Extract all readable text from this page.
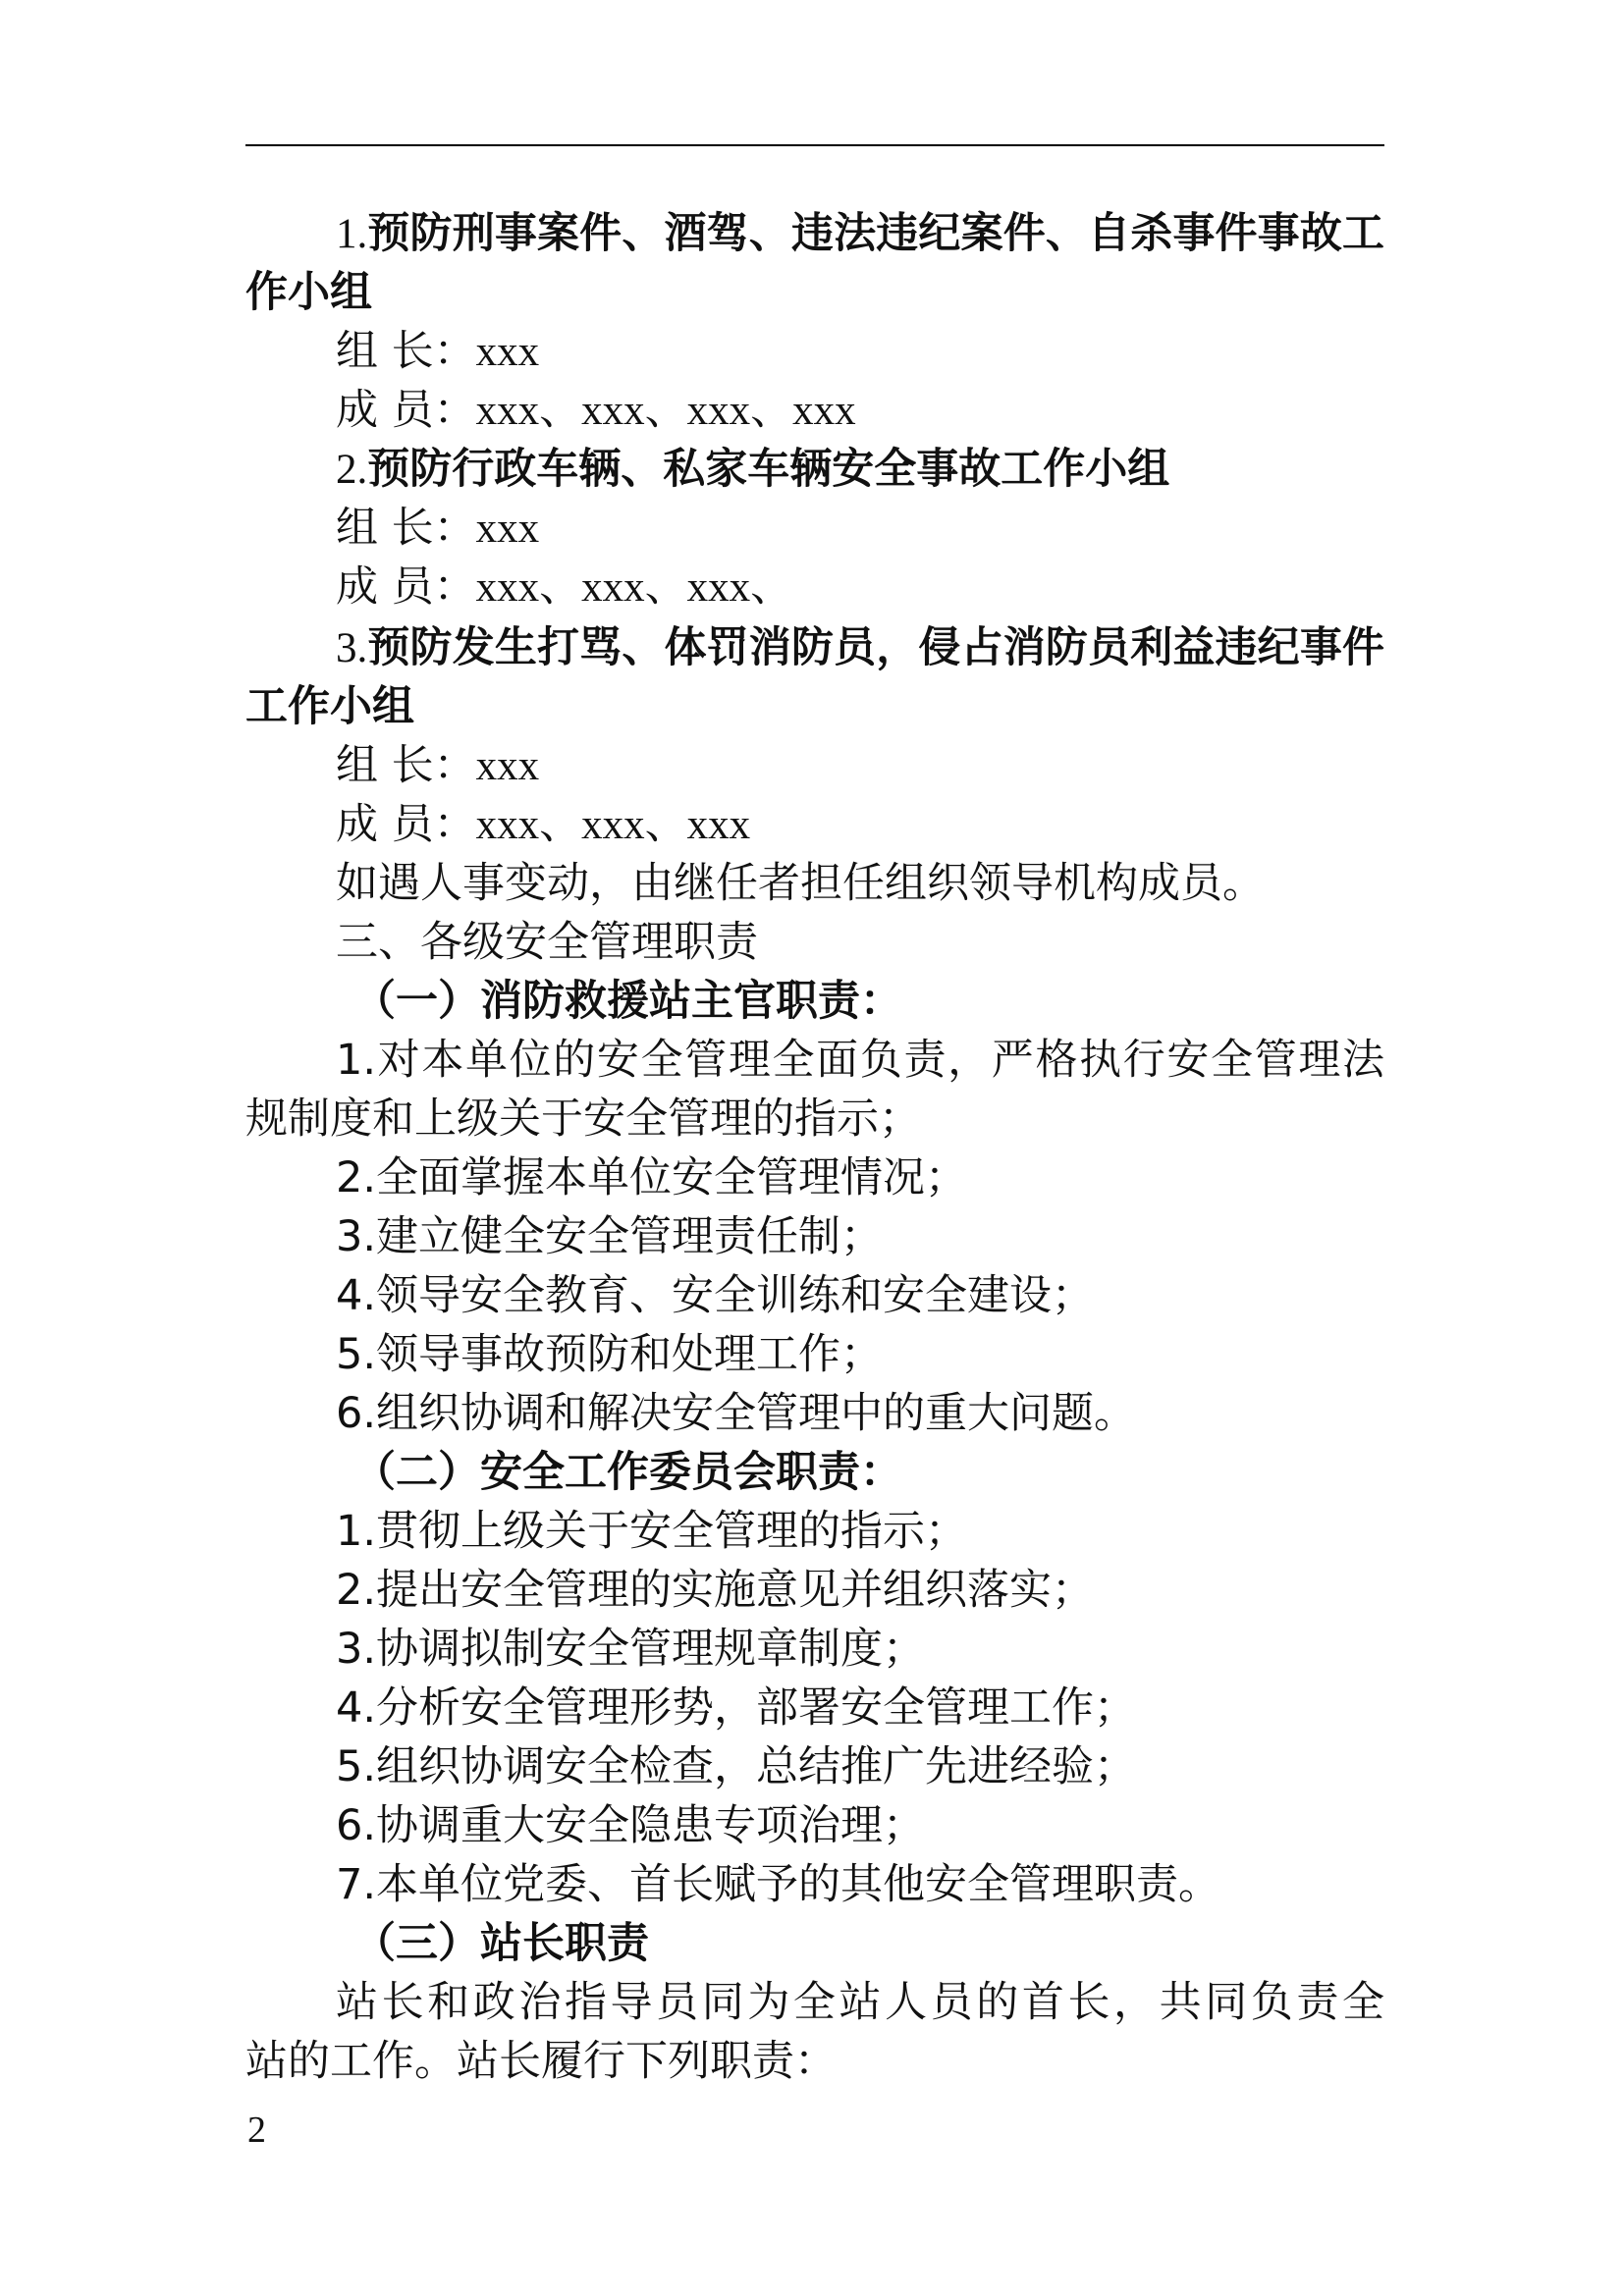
1.预防刑事案件、酒驾、违法违纪案件、自杀事件事故工
作小组
组 长：xxx
成 员：xxx、xxx、xxx、xxx
2.预防行政车辆、私家车辆安全事故工作小组
组 长：xxx
成 员：xxx、xxx、xxx、
3.预防发生打骂、体罚消防员，侵占消防员利益违纪事件
工作小组
组 长：xxx
成 员：xxx、xxx、xxx
如遇人事变动，由继任者担任组织领导机构成员。
三、各级安全管理职责
（一）消防救援站主官职责：
1.对本单位的安全管理全面负责，严格执行安全管理法
规制度和上级关于安全管理的指示；
2.全面掌握本单位安全管理情况；
3.建立健全安全管理责任制；
4.领导安全教育、安全训练和安全建设；
5.领导事故预防和处理工作；
6.组织协调和解决安全管理中的重大问题。
（二）安全工作委员会职责：
1.贯彻上级关于安全管理的指示；
2.提出安全管理的实施意见并组织落实；
3.协调拟制安全管理规章制度；
4.分析安全管理形势，部署安全管理工作；
5.组织协调安全检查，总结推广先进经验；
6.协调重大安全隐患专项治理；
7.本单位党委、首长赋予的其他安全管理职责。
（三）站长职责
站长和政治指导员同为全站人员的首长，共同负责全
站的工作。站长履行下列职责：
2
